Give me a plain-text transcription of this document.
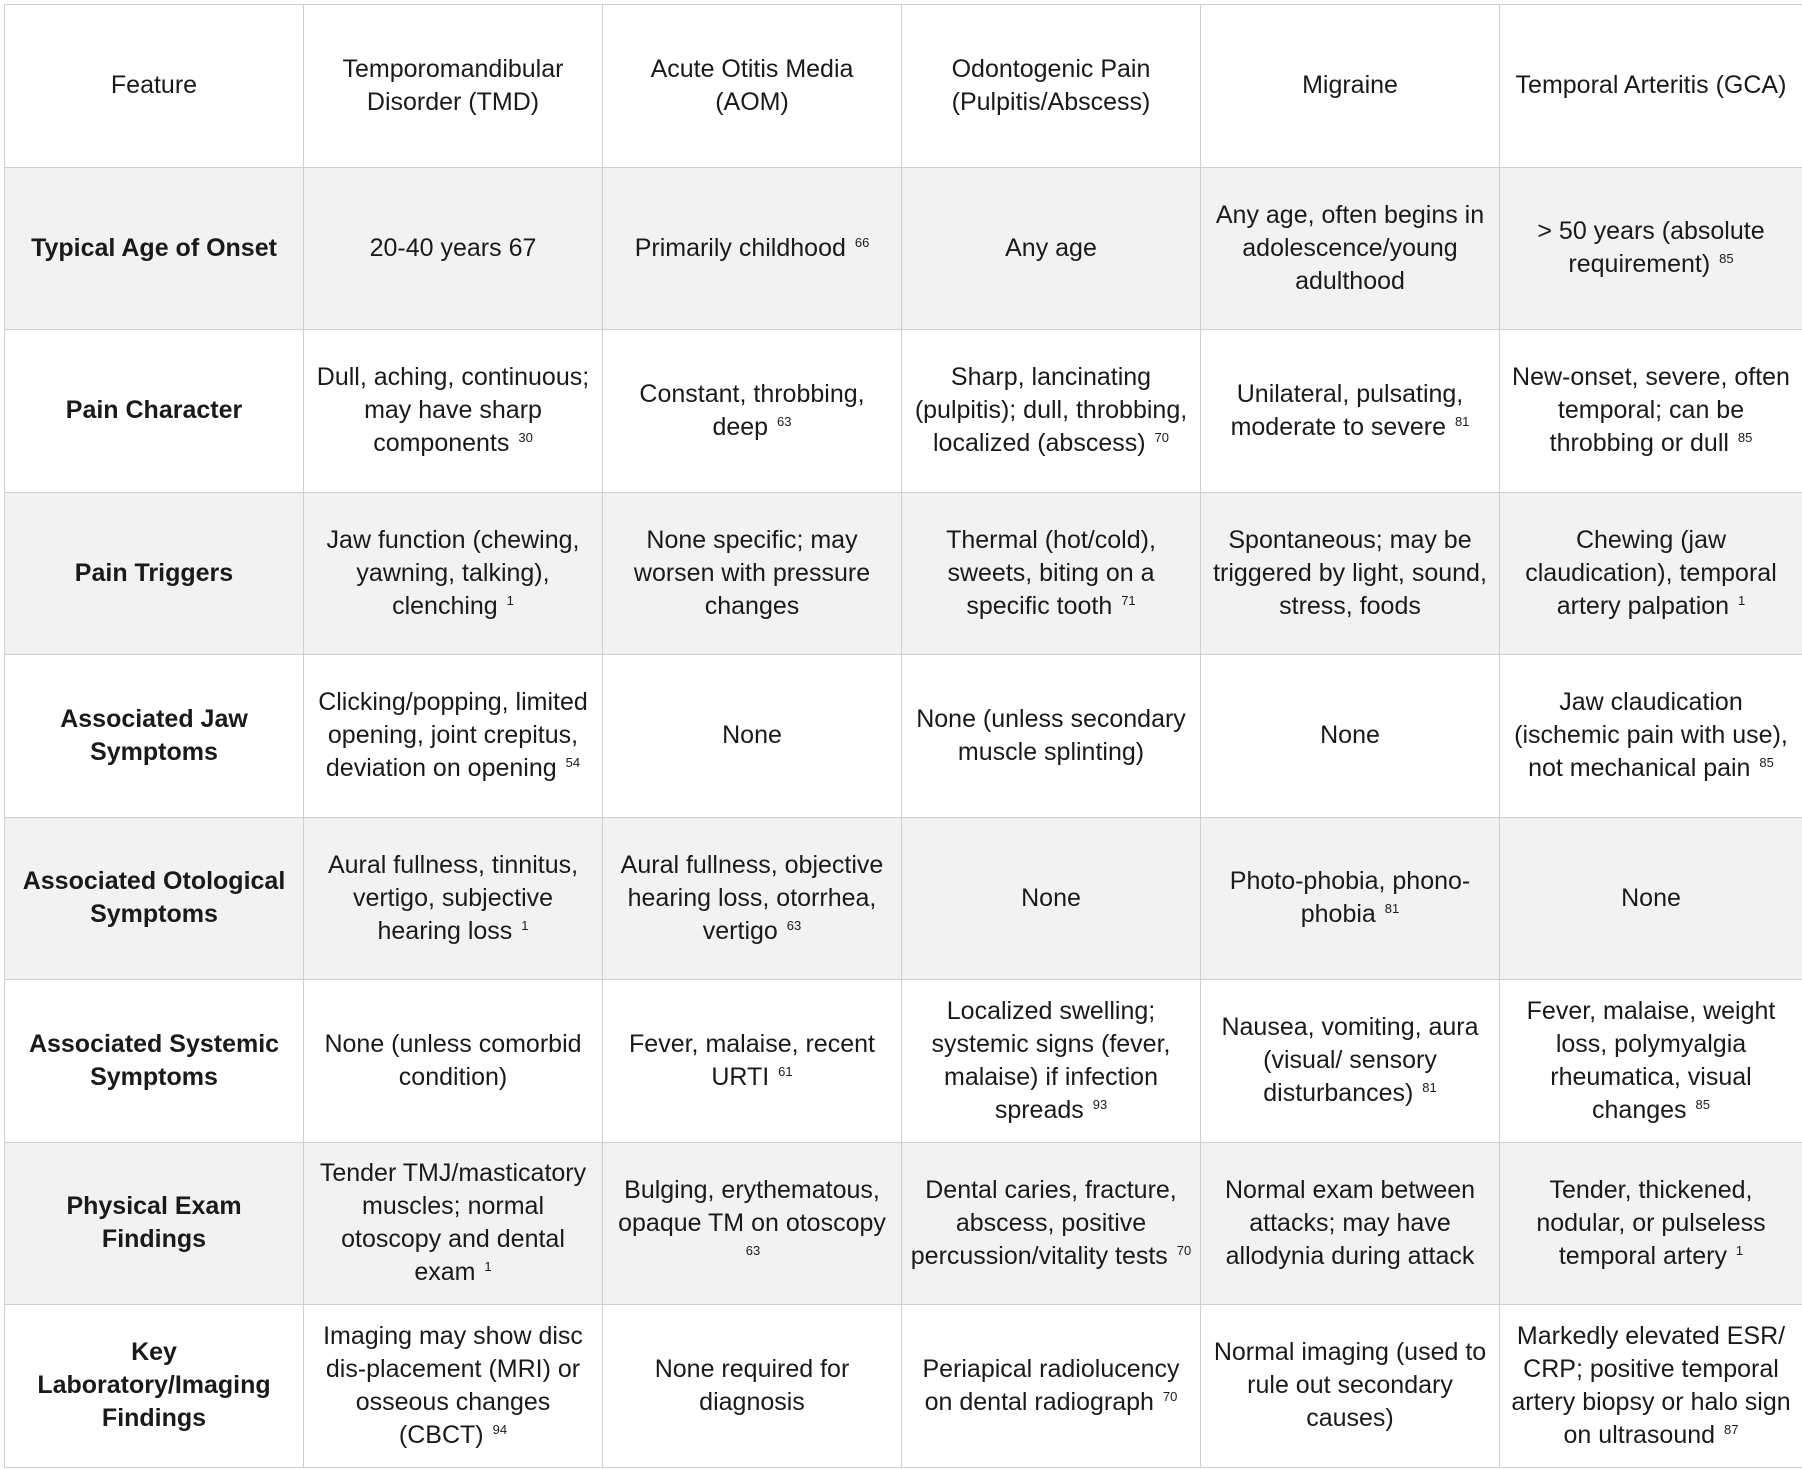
Feature	Temporomandibular Disorder (TMD)	Acute Otitis Media (AOM)	Odontogenic Pain (Pulpitis/Abscess)	Migraine	Temporal Arteritis (GCA)
Typical Age of Onset	20-40 years 67	Primarily childhood $^{66}$	Any age	Any age, often begins in adolescence/young adulthood	> 50 years (absolute requirement) $^{85}$
Pain Character	Dull, aching, continuous; may have sharp components $^{30}$	Constant, throbbing, deep $^{63}$	Sharp, lancinating (pulpitis); dull, throbbing, localized (abscess) $^{70}$	Unilateral, pulsating, moderate to severe $^{81}$	New-onset, severe, often temporal; can be throbbing or dull $^{85}$
Pain Triggers	Jaw function (chewing, yawning, talking), clenching $^1$	None specific; may worsen with pressure changes	Thermal (hot/cold), sweets, biting on a specific tooth $^{71}$	Spontaneous; may be triggered by light, sound, stress, foods	Chewing (jaw claudication), temporal artery palpation $^1$
Associated Jaw Symptoms	Clicking/popping, limited opening, joint crepitus, deviation on opening $^{54}$	None	None (unless secondary muscle splinting)	None	Jaw claudication (ischemic pain with use), not mechanical pain $^{85}$
Associated Otological Symptoms	Aural fullness, tinnitus, vertigo, subjective hearing loss $^1$	Aural fullness, objective hearing loss, otorrhea, vertigo $^{63}$	None	Photo-phobia, phono-phobia $^{81}$	None
Associated Systemic Symptoms	None (unless comorbid condition)	Fever, malaise, recent URTI $^{61}$	Localized swelling; systemic signs (fever, malaise) if infection spreads $^{93}$	Nausea, vomiting, aura (visual/ sensory disturbances) $^{81}$	Fever, malaise, weight loss, polymyalgia rheumatica, visual changes $^{85}$
Physical Exam Findings	Tender TMJ/masticatory muscles; normal otoscopy and dental exam $^1$	Bulging, erythematous, opaque TM on otoscopy $^{63}$	Dental caries, fracture, abscess, positive percussion/vitality tests $^{70}$	Normal exam between attacks; may have allodynia during attack	Tender, thickened, nodular, or pulseless temporal artery $^1$
Key Laboratory/Imaging Findings	Imaging may show disc dis-placement (MRI) or osseous changes (CBCT) $^{94}$	None required for diagnosis	Periapical radiolucency on dental radiograph $^{70}$	Normal imaging (used to rule out secondary causes)	Markedly elevated ESR/ CRP; positive temporal artery biopsy or halo sign on ultrasound $^{87}$
